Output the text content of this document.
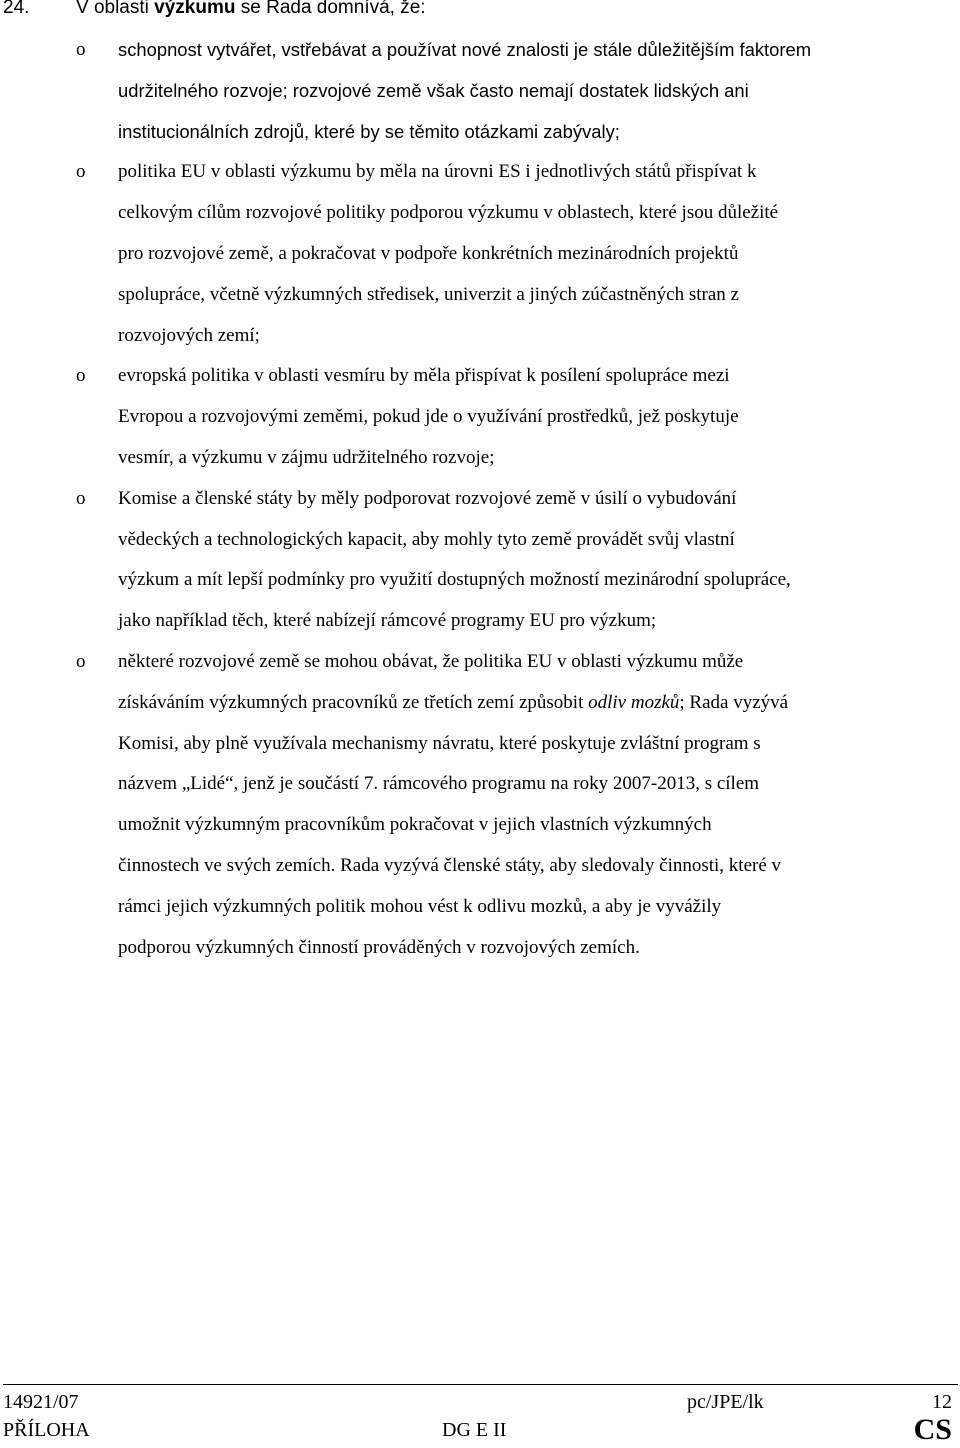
24. V oblasti výzkumu se Rada domnívá, že:
o schopnost vytvářet, vstřebávat a používat nové znalosti je stále důležitějším faktorem
udržitelného rozvoje; rozvojové země však často nemají dostatek lidských ani
institucionálních zdrojů, které by se těmito otázkami zabývaly;
o politika EU v oblasti výzkumu by měla na úrovni ES i jednotlivých států přispívat k
celkovým cílům rozvojové politiky podporou výzkumu v oblastech, které jsou důležité
pro rozvojové země, a pokračovat v podpoře konkrétních mezinárodních projektů
spolupráce, včetně výzkumných středisek, univerzit a jiných zúčastněných stran z
rozvojových zemí;
o evropská politika v oblasti vesmíru by měla přispívat k posílení spolupráce mezi
Evropou a rozvojovými zeměmi, pokud jde o využívání prostředků, jež poskytuje
vesmír, a výzkumu v zájmu udržitelného rozvoje;
o Komise a členské státy by měly podporovat rozvojové země v úsilí o vybudování
vědeckých a technologických kapacit, aby mohly tyto země provádět svůj vlastní
výzkum a mít lepší podmínky pro využití dostupných možností mezinárodní spolupráce,
jako například těch, které nabízejí rámcové programy EU pro výzkum;
o některé rozvojové země se mohou obávat, že politika EU v oblasti výzkumu může
získáváním výzkumných pracovníků ze třetích zemí způsobit odliv mozků; Rada vyzývá
Komisi, aby plně využívala mechanismy návratu, které poskytuje zvláštní program s
názvem „Lidé“, jenž je součástí 7. rámcového programu na roky 2007-2013, s cílem
umožnit výzkumným pracovníkům pokračovat v jejich vlastních výzkumných
činnostech ve svých zemích. Rada vyzývá členské státy, aby sledovaly činnosti, které v
rámci jejich výzkumných politik mohou vést k odlivu mozků, a aby je vyvážily
podporou výzkumných činností prováděných v rozvojových zemích.
14921/07
PŘÍLOHA	DG E II
pc/JPE/lk	12
CS
